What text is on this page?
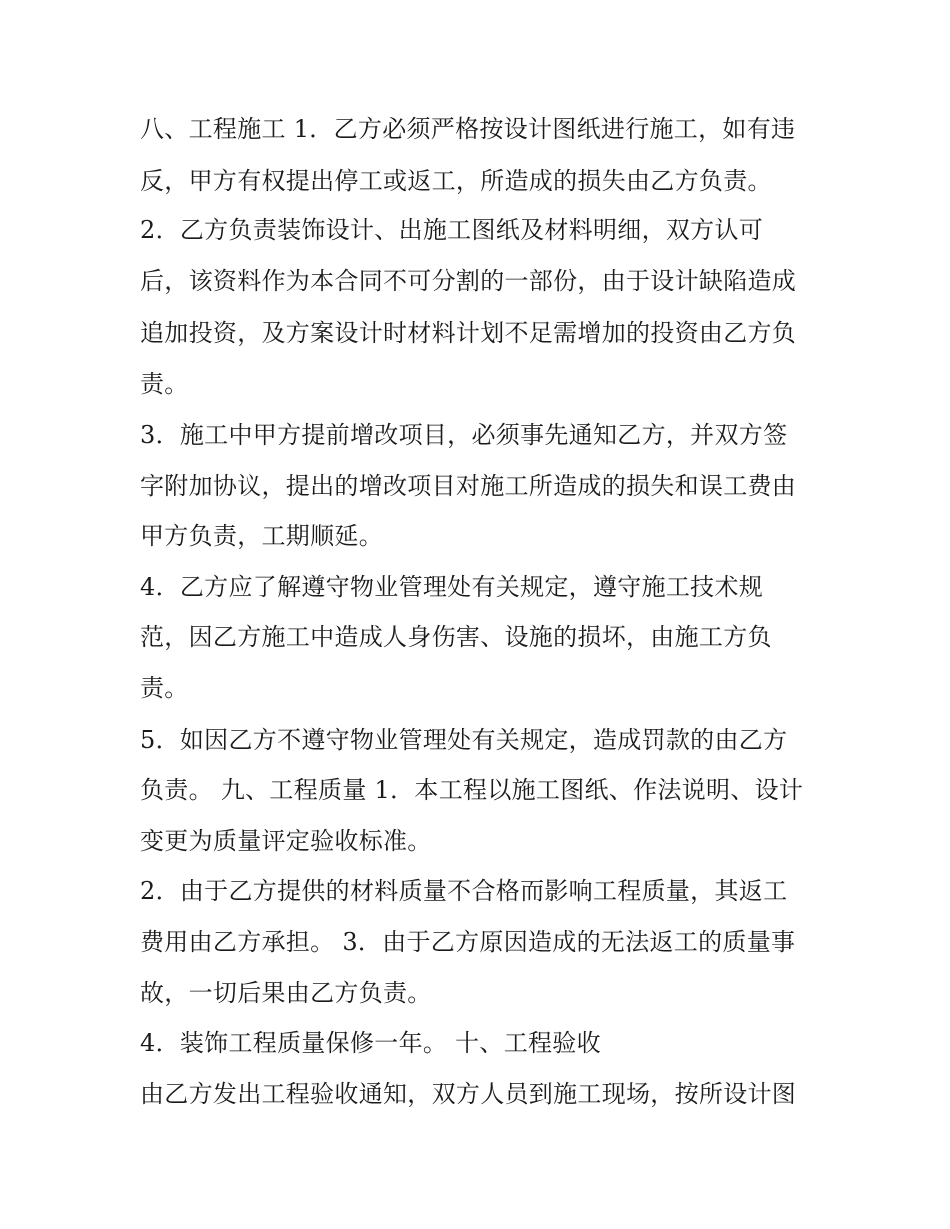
八、工程施工 1．乙方必须严格按设计图纸进行施工，如有违

反，甲方有权提出停工或返工，所造成的损失由乙方负责。

2．乙方负责装饰设计、出施工图纸及材料明细，双方认可

后，该资料作为本合同不可分割的一部份，由于设计缺陷造成

追加投资，及方案设计时材料计划不足需增加的投资由乙方负

责。

3．施工中甲方提前增改项目，必须事先通知乙方，并双方签

字附加协议，提出的增改项目对施工所造成的损失和误工费由

甲方负责，工期顺延。

4．乙方应了解遵守物业管理处有关规定，遵守施工技术规

范，因乙方施工中造成人身伤害、设施的损坏，由施工方负

责。

5．如因乙方不遵守物业管理处有关规定，造成罚款的由乙方

负责。 九、工程质量 1．本工程以施工图纸、作法说明、设计

变更为质量评定验收标准。

2．由于乙方提供的材料质量不合格而影响工程质量，其返工

费用由乙方承担。 3．由于乙方原因造成的无法返工的质量事

故，一切后果由乙方负责。

4．装饰工程质量保修一年。 十、工程验收

由乙方发出工程验收通知，双方人员到施工现场，按所设计图
